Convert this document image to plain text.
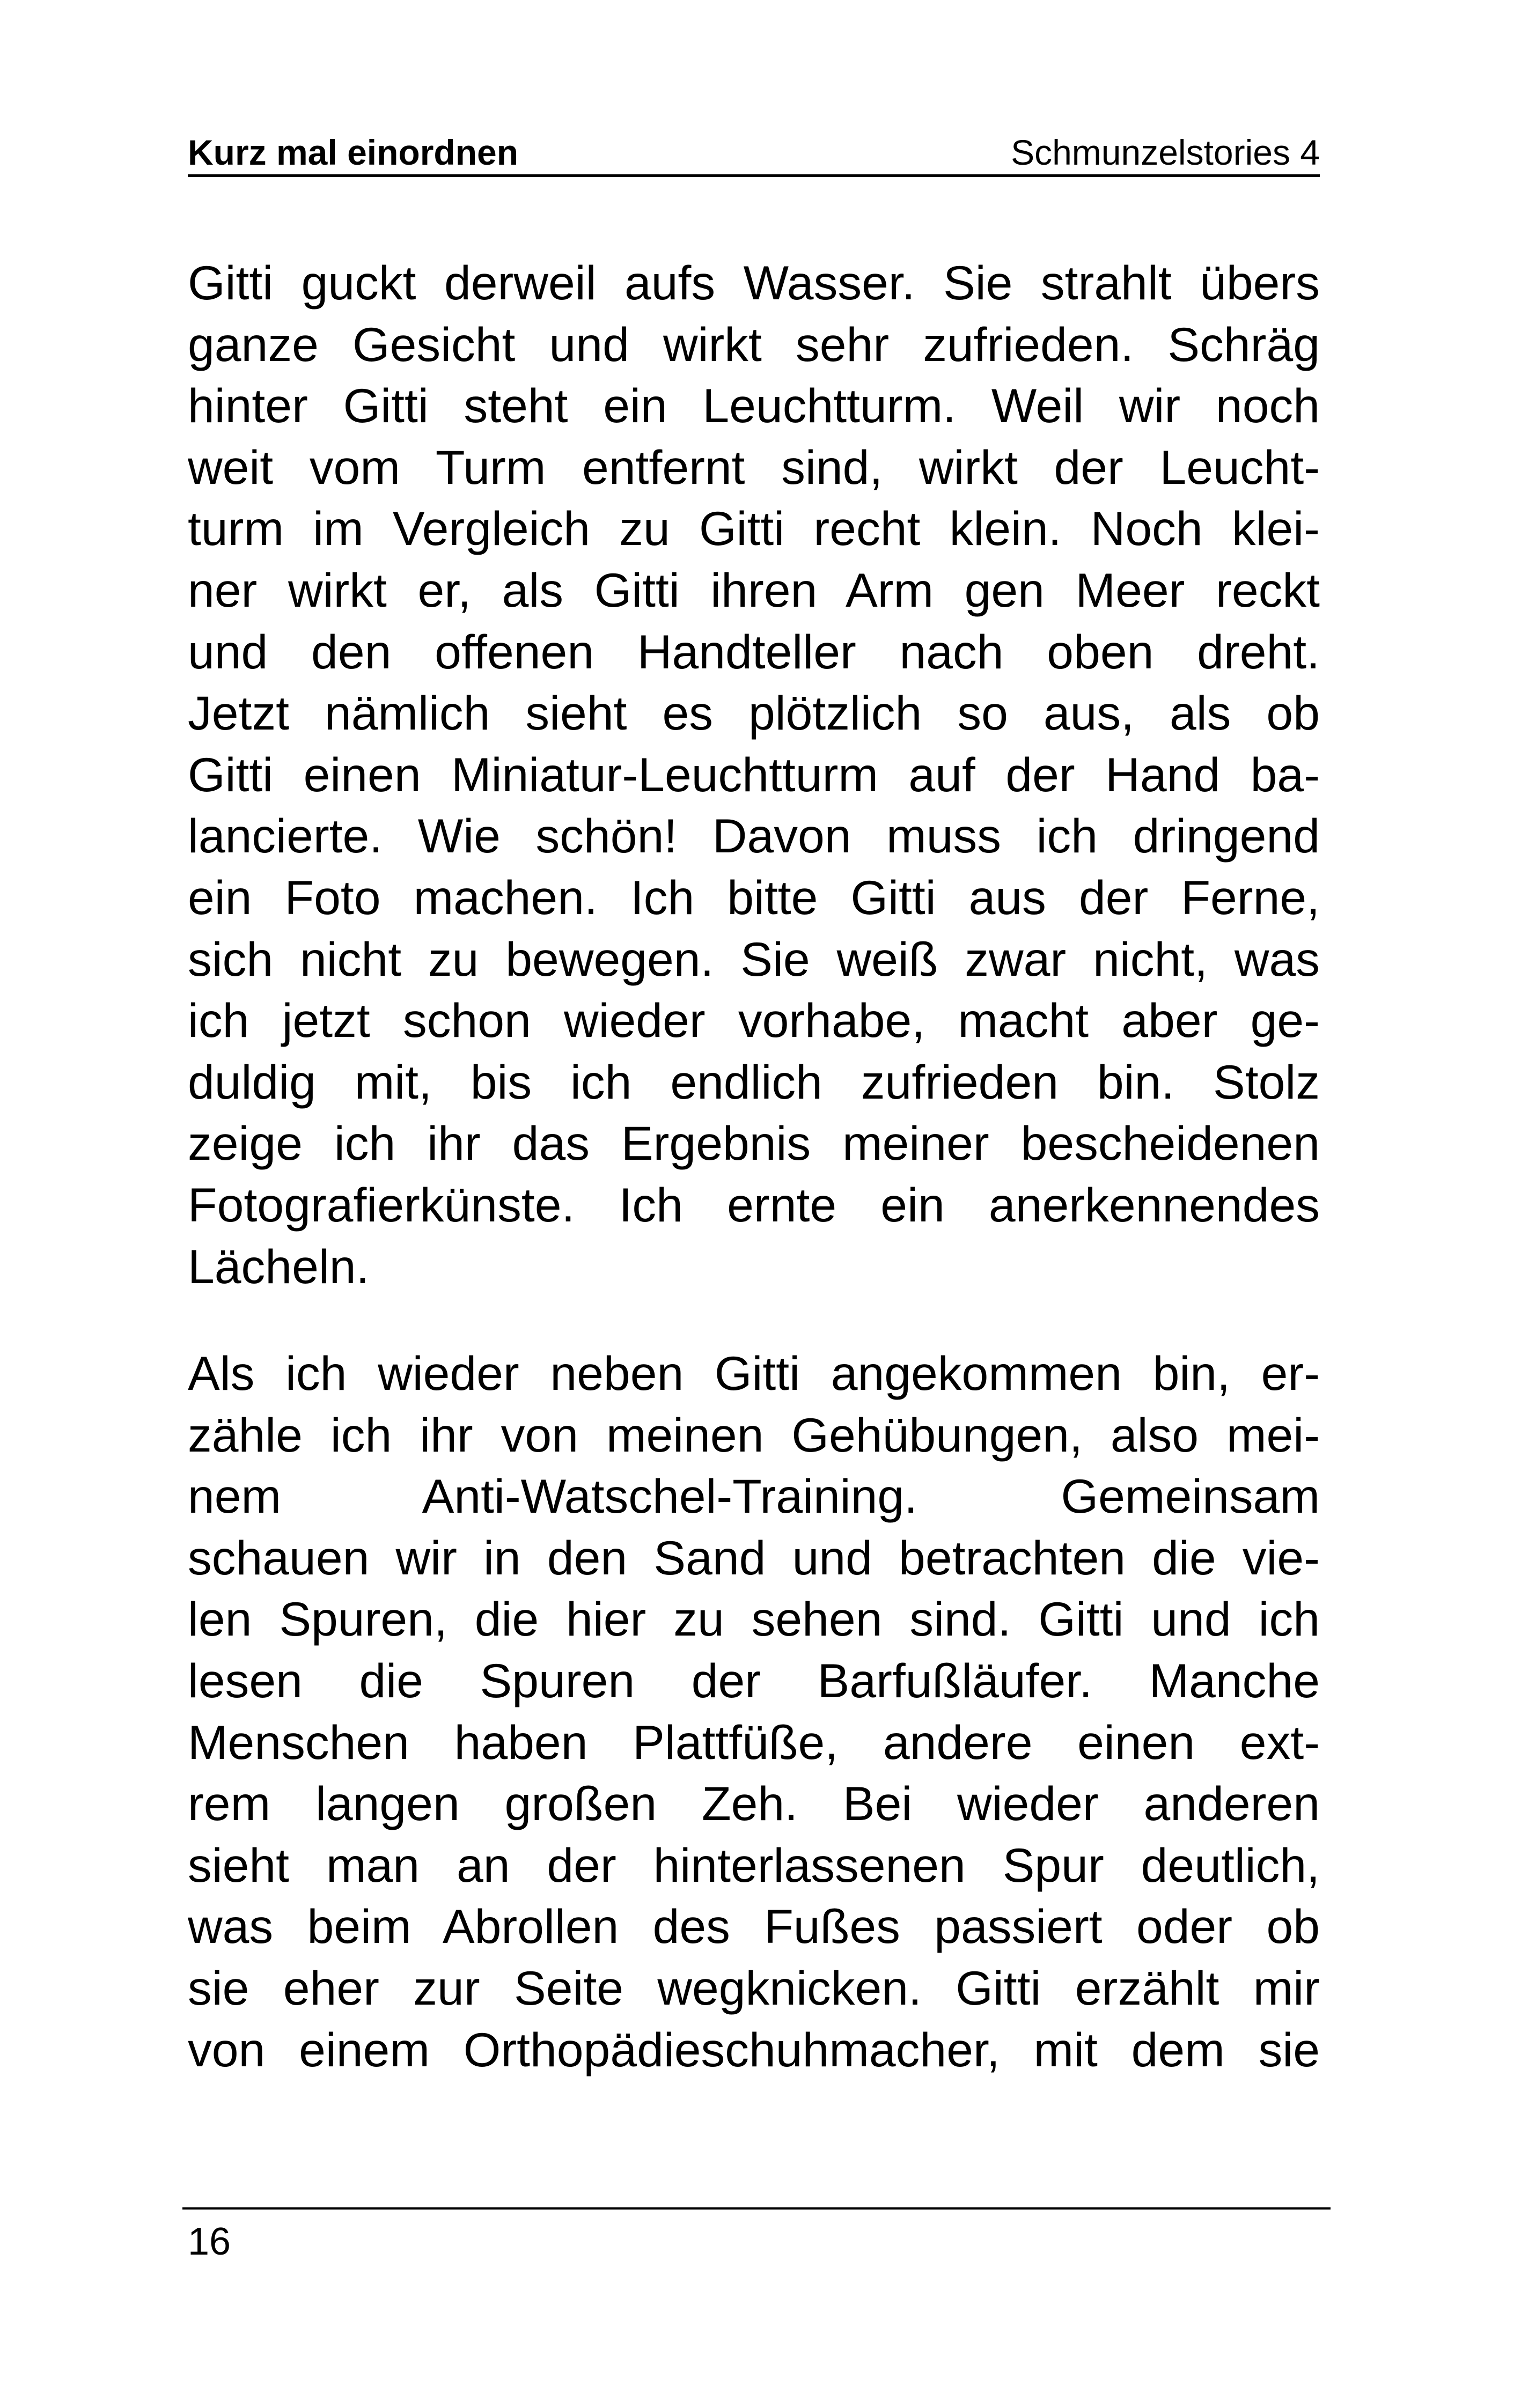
Kurz mal einordnen	Schmunzelstories 4
Gitti guckt derweil aufs Wasser. Sie strahlt übers
ganze Gesicht und wirkt sehr zufrieden. Schräg
hinter Gitti steht ein Leuchtturm. Weil wir noch
weit vom Turm entfernt sind, wirkt der Leucht-
turm im Vergleich zu Gitti recht klein. Noch klei-
ner wirkt er, als Gitti ihren Arm gen Meer reckt
und den offenen Handteller nach oben dreht.
Jetzt nämlich sieht es plötzlich so aus, als ob
Gitti einen Miniatur-Leuchtturm auf der Hand ba-
lancierte. Wie schön! Davon muss ich dringend
ein Foto machen. Ich bitte Gitti aus der Ferne,
sich nicht zu bewegen. Sie weiß zwar nicht, was
ich jetzt schon wieder vorhabe, macht aber ge-
duldig mit, bis ich endlich zufrieden bin. Stolz
zeige ich ihr das Ergebnis meiner bescheidenen
Fotografierkünste. Ich ernte ein anerkennendes
Lächeln.
Als ich wieder neben Gitti angekommen bin, er-
zähle ich ihr von meinen Gehübungen, also mei-
nem Anti-Watschel-Training. Gemeinsam
schauen wir in den Sand und betrachten die vie-
len Spuren, die hier zu sehen sind. Gitti und ich
lesen die Spuren der Barfußläufer. Manche
Menschen haben Plattfüße, andere einen ext-
rem langen großen Zeh. Bei wieder anderen
sieht man an der hinterlassenen Spur deutlich,
was beim Abrollen des Fußes passiert oder ob
sie eher zur Seite wegknicken. Gitti erzählt mir
von einem Orthopädieschuhmacher, mit dem sie
16
